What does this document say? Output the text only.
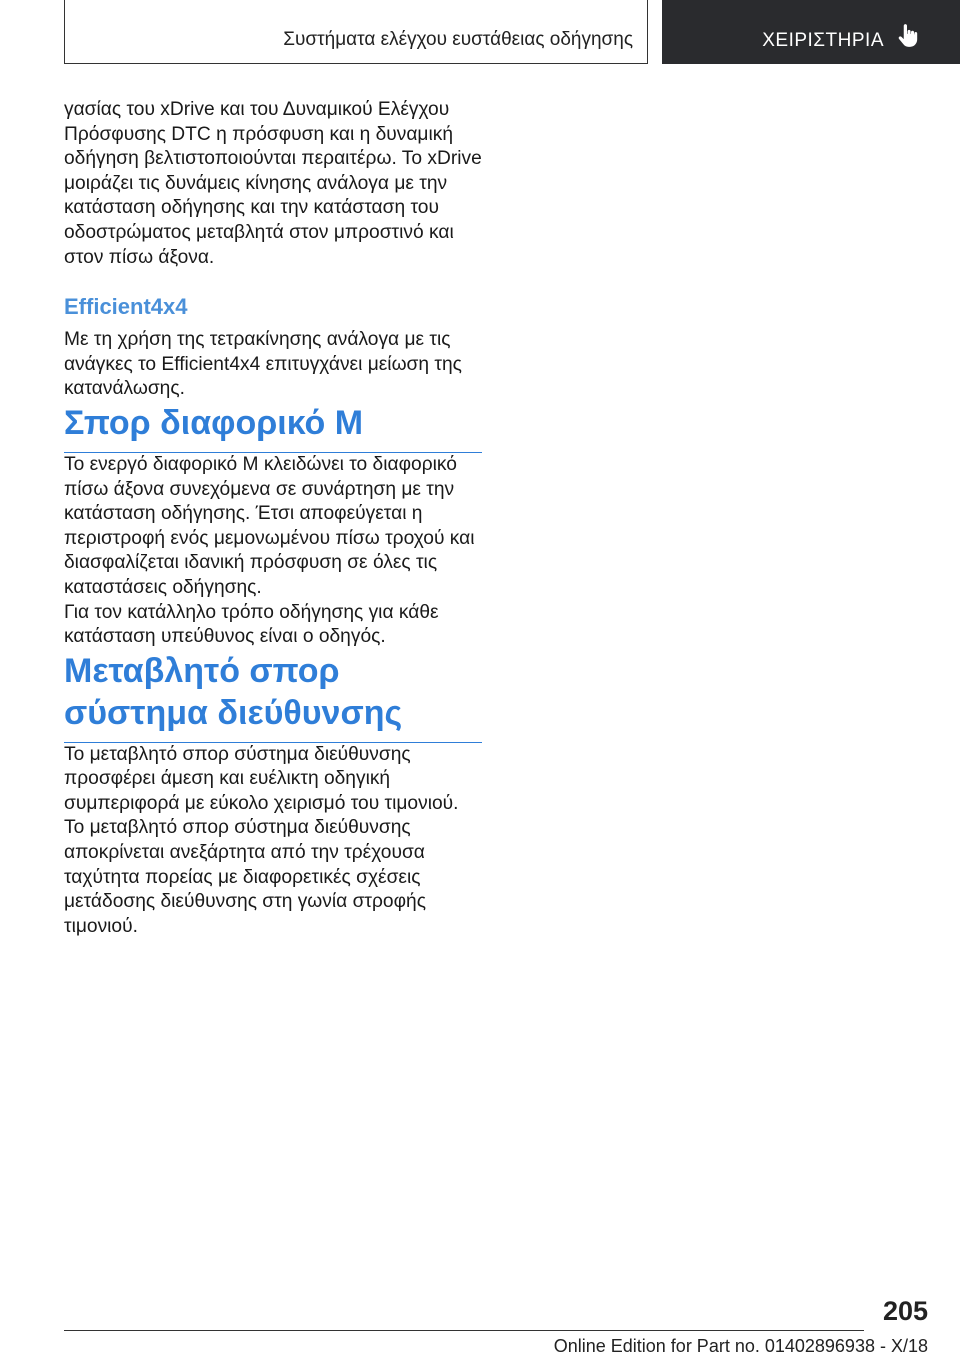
Συστήματα ελέγχου ευστάθειας οδήγησης	ΧΕΙΡΙΣΤΗΡΙΑ

γασίας του xDrive και του Δυναμικού Ελέγχου Πρόσφυσης DTC η πρόσφυση και η δυναμική οδήγηση βελτιστοποιούνται περαιτέρω. Το xDrive μοιράζει τις δυνάμεις κίνησης ανάλογα με την κατάσταση οδήγησης και την κατάσταση του οδοστρώματος μεταβλητά στον μπροστινό και στον πίσω άξονα.

Efficient4x4

Με τη χρήση της τετρακίνησης ανάλογα με τις ανάγκες το Efficient4x4 επιτυγχάνει μείωση της κατανάλωσης.

Σπορ διαφορικό M

Το ενεργό διαφορικό M κλειδώνει το διαφορικό πίσω άξονα συνεχόμενα σε συνάρτηση με την κατάσταση οδήγησης. Έτσι αποφεύγεται η περιστροφή ενός μεμονωμένου πίσω τροχού και διασφαλίζεται ιδανική πρόσφυση σε όλες τις καταστάσεις οδήγησης.

Για τον κατάλληλο τρόπο οδήγησης για κάθε κατάσταση υπεύθυνος είναι ο οδηγός.

Μεταβλητό σπορ σύστημα διεύθυνσης

Το μεταβλητό σπορ σύστημα διεύθυνσης προσφέρει άμεση και ευέλικτη οδηγική συμπεριφορά με εύκολο χειρισμό του τιμονιού. Το μεταβλητό σπορ σύστημα διεύθυνσης αποκρίνεται ανεξάρτητα από την τρέχουσα ταχύτητα πορείας με διαφορετικές σχέσεις μετάδοσης διεύθυνσης στη γωνία στροφής τιμονιού.

205
Online Edition for Part no. 01402896938 - X/18
